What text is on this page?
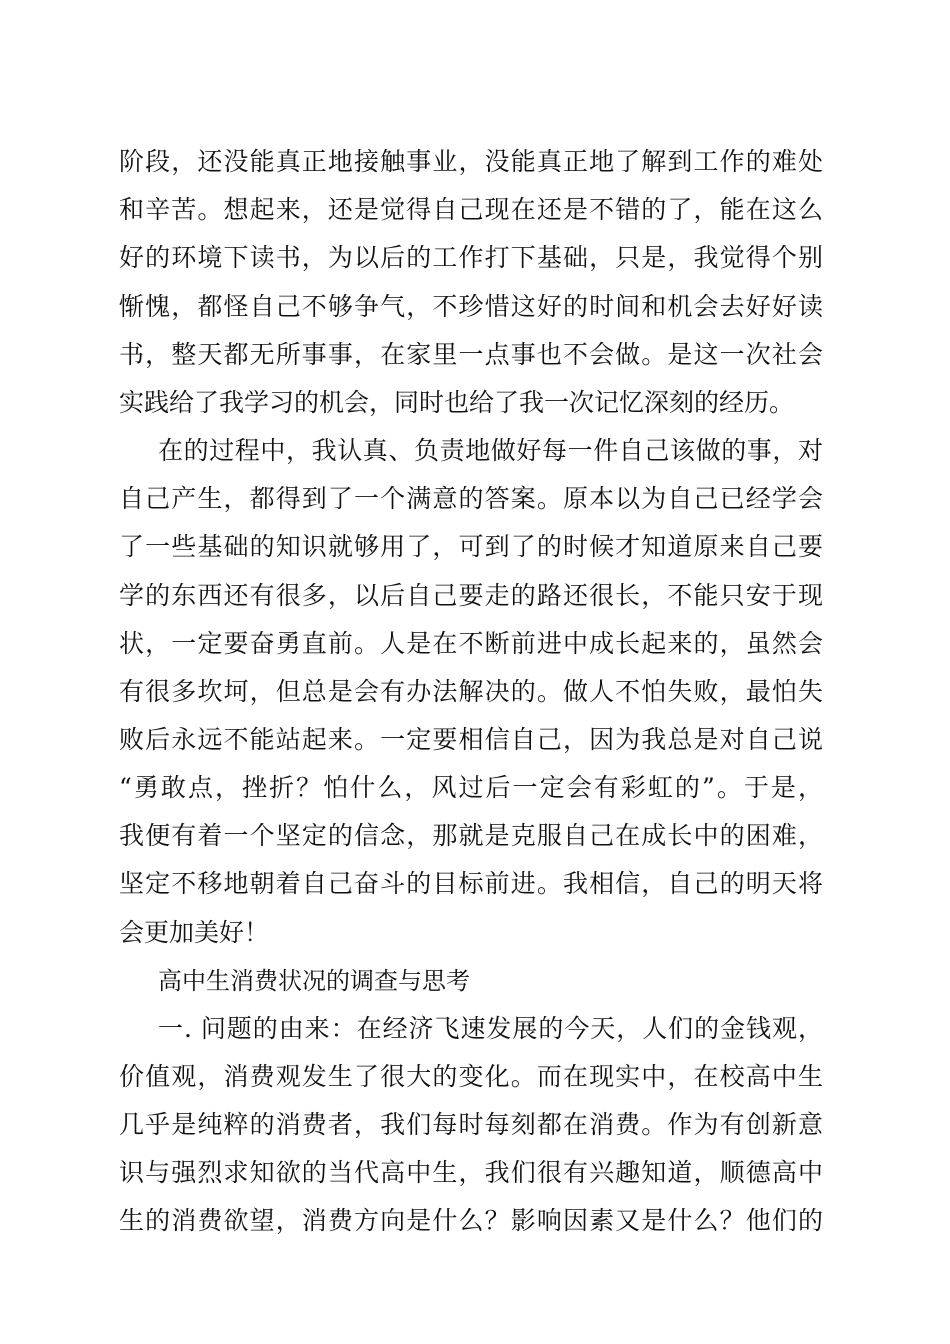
阶段，还没能真正地接触事业，没能真正地了解到工作的难处
和辛苦。想起来，还是觉得自己现在还是不错的了，能在这么
好的环境下读书，为以后的工作打下基础，只是，我觉得个别
惭愧，都怪自己不够争气，不珍惜这好的时间和机会去好好读
书，整天都无所事事，在家里一点事也不会做。是这一次社会
实践给了我学习的机会，同时也给了我一次记忆深刻的经历。
在的过程中，我认真、负责地做好每一件自己该做的事，对
自己产生，都得到了一个满意的答案。原本以为自己已经学会
了一些基础的知识就够用了，可到了的时候才知道原来自己要
学的东西还有很多，以后自己要走的路还很长，不能只安于现
状，一定要奋勇直前。人是在不断前进中成长起来的，虽然会
有很多坎坷，但总是会有办法解决的。做人不怕失败，最怕失
败后永远不能站起来。一定要相信自己，因为我总是对自己说
“勇敢点，挫折？怕什么，风过后一定会有彩虹的”。于是，
我便有着一个坚定的信念，那就是克服自己在成长中的困难，
坚定不移地朝着自己奋斗的目标前进。我相信，自己的明天将
会更加美好！
高中生消费状况的调查与思考
一. 问题的由来：在经济飞速发展的今天，人们的金钱观，
价值观，消费观发生了很大的变化。而在现实中，在校高中生
几乎是纯粹的消费者，我们每时每刻都在消费。作为有创新意
识与强烈求知欲的当代高中生，我们很有兴趣知道，顺德高中
生的消费欲望，消费方向是什么？影响因素又是什么？他们的
